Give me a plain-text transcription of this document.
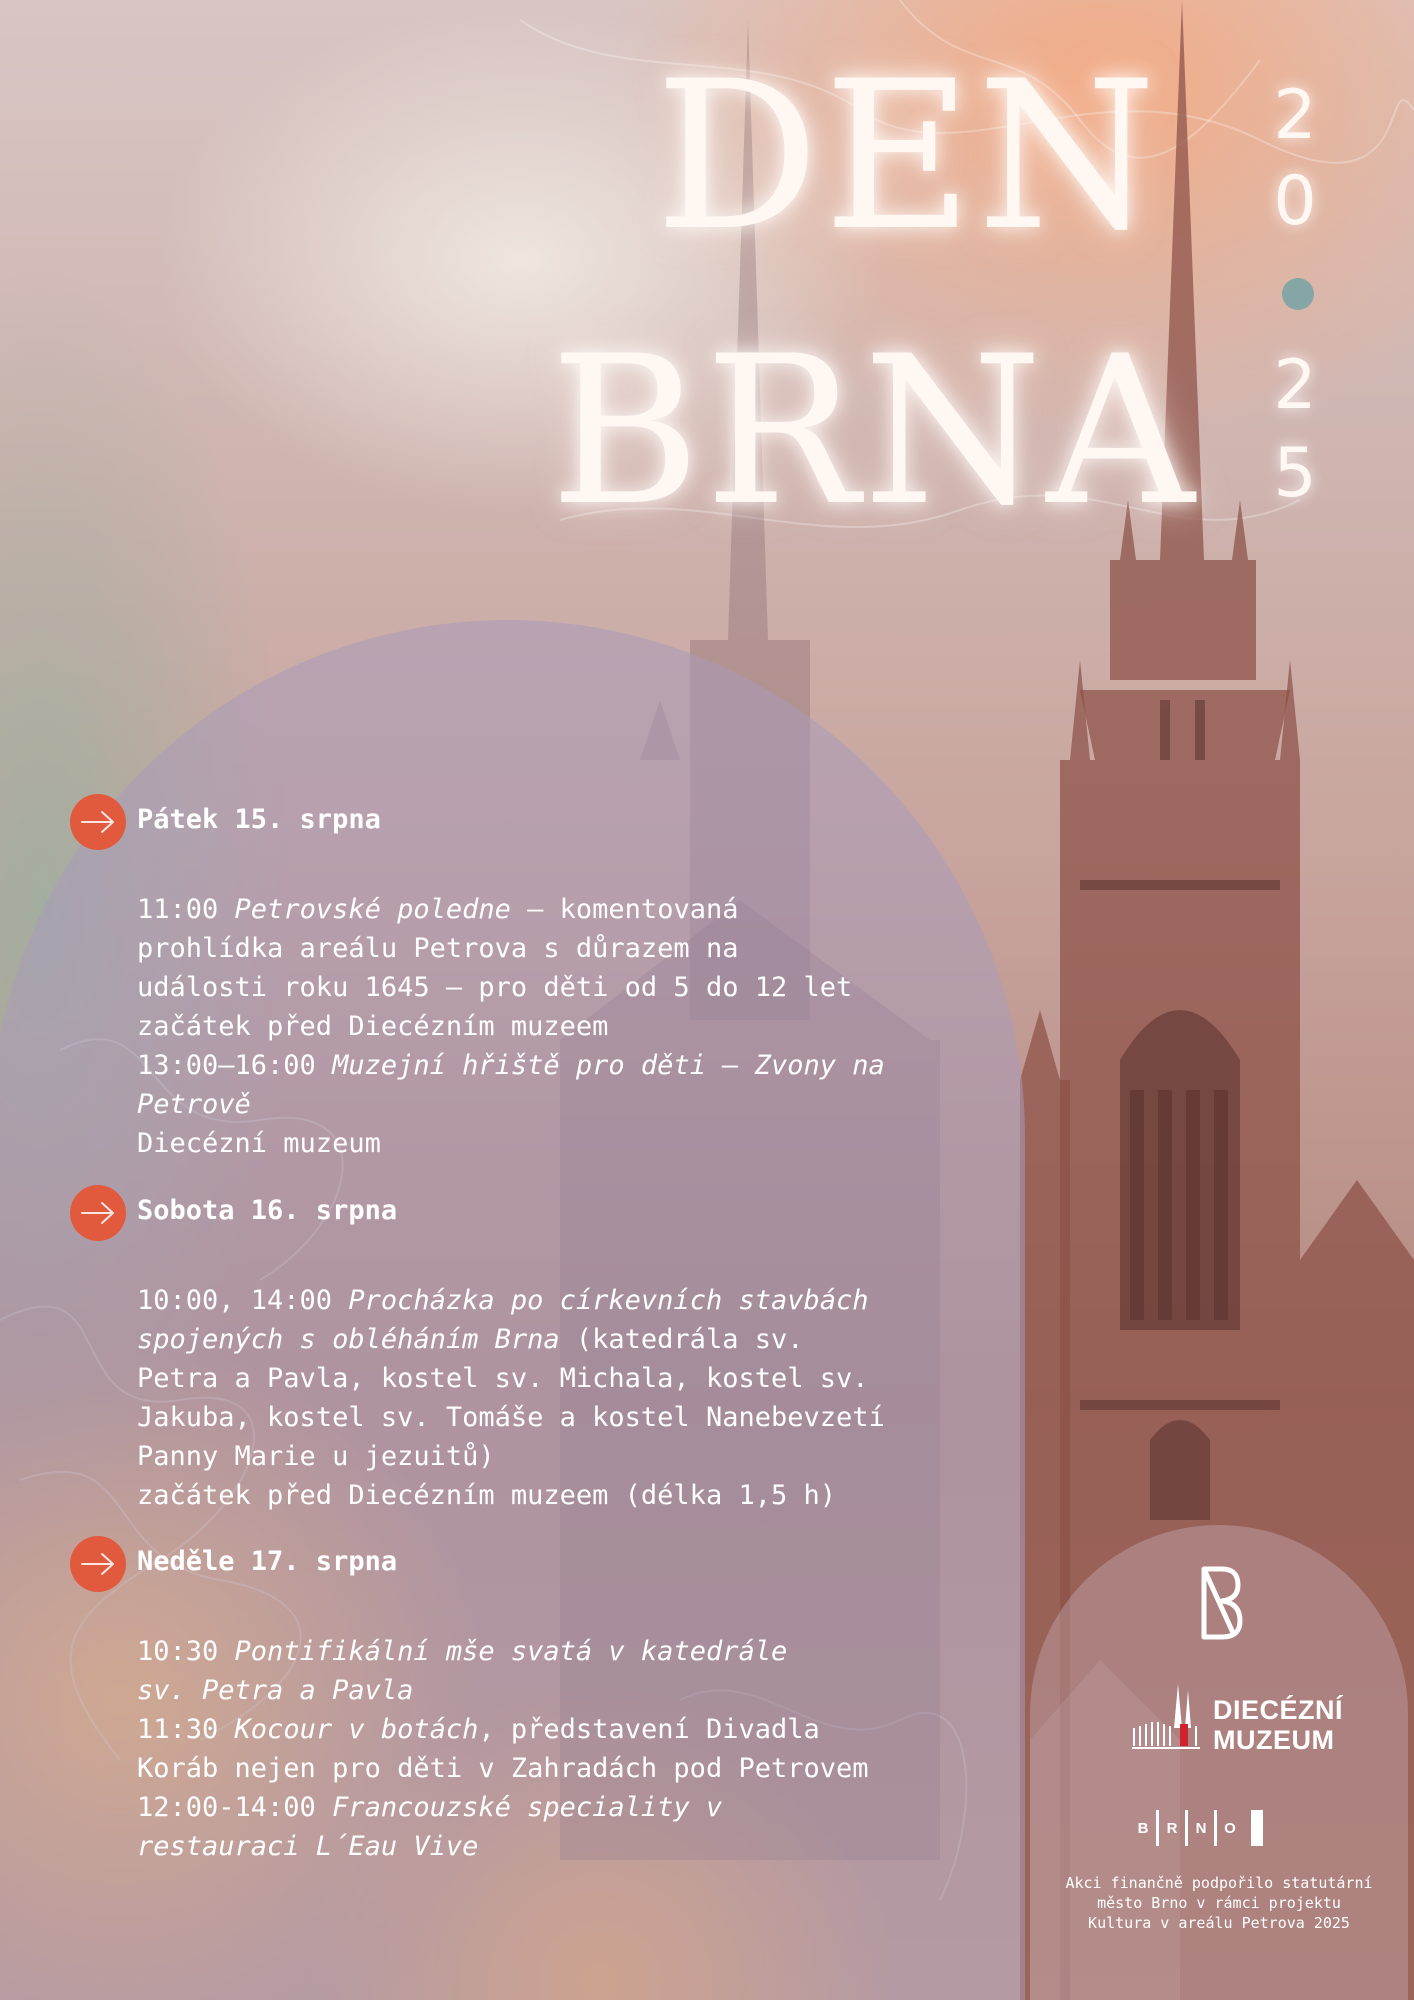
DEN
BRNA
2
0
2
5
Pátek 15. srpna
11:00 Petrovské poledne – komentovaná
prohlídka areálu Petrova s důrazem na
události roku 1645 – pro děti od 5 do 12 let
začátek před Diecézním muzeem
13:00–16:00 Muzejní hřiště pro děti – Zvony na
Petrově
Diecézní muzeum
Sobota 16. srpna
10:00, 14:00 Procházka po církevních stavbách
spojených s obléháním Brna (katedrála sv.
Petra a Pavla, kostel sv. Michala, kostel sv.
Jakuba, kostel sv. Tomáše a kostel Nanebevzetí
Panny Marie u jezuitů)
začátek před Diecézním muzeem (délka 1,5 h)
Neděle 17. srpna
10:30 Pontifikální mše svatá v katedrále
sv. Petra a Pavla
11:30 Kocour v botách, představení Divadla
Koráb nejen pro děti v Zahradách pod Petrovem
12:00-14:00 Francouzské speciality v
restauraci L´Eau Vive
DIECÉZNÍ
MUZEUM
B	R	N	O
Akci finančně podpořilo statutární
město Brno v rámci projektu
Kultura v areálu Petrova 2025
